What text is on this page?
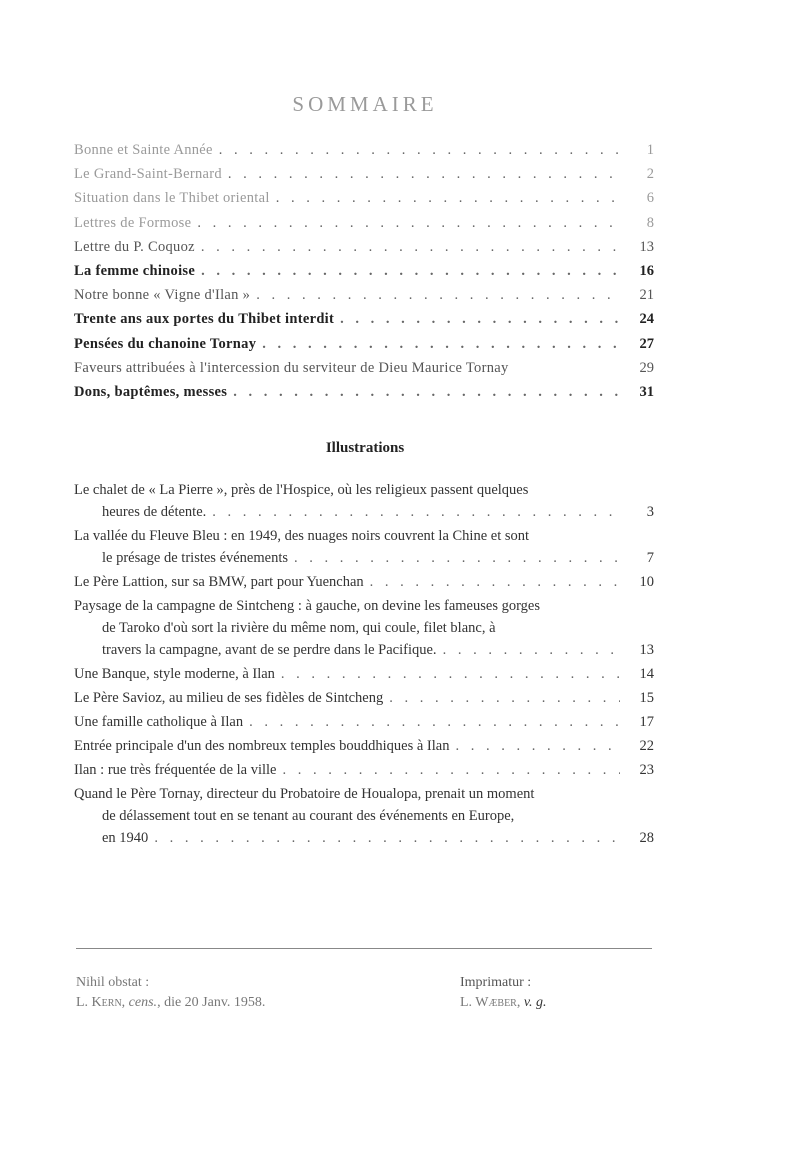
SOMMAIRE
Bonne et Sainte Année . . .	1
Le Grand-Saint-Bernard . . .	2
Situation dans le Thibet oriental . . .	6
Lettres de Formose . . .	8
Lettre du P. Coquoz . . .	13
La femme chinoise . . .	16
Notre bonne « Vigne d'Ilan » . . .	21
Trente ans aux portes du Thibet interdit . . .	24
Pensées du chanoine Tornay . . .	27
Faveurs attribuées à l'intercession du serviteur de Dieu Maurice Tornay	29
Dons, baptêmes, messes . . .	31
Illustrations
Le chalet de « La Pierre », près de l'Hospice, où les religieux passent quelques
heures de détente. . . .	3
La vallée du Fleuve Bleu : en 1949, des nuages noirs couvrent la Chine et sont
le présage de tristes événements . . .	7
Le Père Lattion, sur sa BMW, part pour Yuenchan . . .	10
Paysage de la campagne de Sintcheng : à gauche, on devine les fameuses gorges
de Taroko d'où sort la rivière du même nom, qui coule, filet blanc, à
travers la campagne, avant de se perdre dans le Pacifique. . . .	13
Une Banque, style moderne, à Ilan . . .	14
Le Père Savioz, au milieu de ses fidèles de Sintcheng . . .	15
Une famille catholique à Ilan . . .	17
Entrée principale d'un des nombreux temples bouddhiques à Ilan . . .	22
Ilan : rue très fréquentée de la ville . . .	23
Quand le Père Tornay, directeur du Probatoire de Houalopa, prenait un moment
de délassement tout en se tenant au courant des événements en Europe,
en 1940 . . .	28
Nihil obstat :
L. Kern, cens., die 20 Janv. 1958.
Imprimatur :
L. Wæber, v. g.
